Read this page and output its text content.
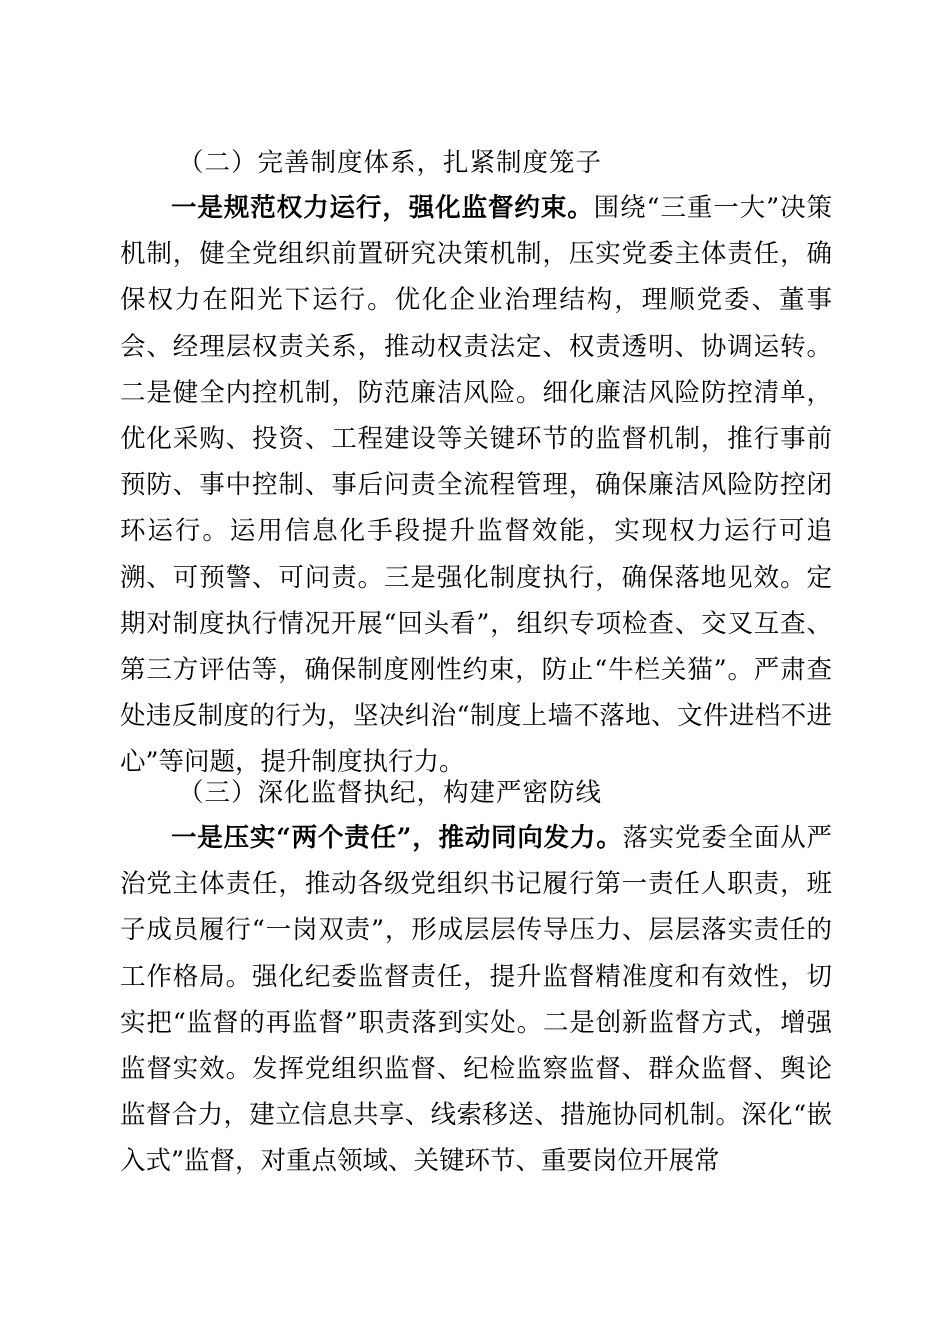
（二）完善制度体系，扎紧制度笼子
一是规范权力运行，强化监督约束。围绕“三重一大”决策机制，健全党组织前置研究决策机制，压实党委主体责任，确保权力在阳光下运行。优化企业治理结构，理顺党委、董事会、经理层权责关系，推动权责法定、权责透明、协调运转。二是健全内控机制，防范廉洁风险。细化廉洁风险防控清单，优化采购、投资、工程建设等关键环节的监督机制，推行事前预防、事中控制、事后问责全流程管理，确保廉洁风险防控闭环运行。运用信息化手段提升监督效能，实现权力运行可追溯、可预警、可问责。三是强化制度执行，确保落地见效。定期对制度执行情况开展“回头看”，组织专项检查、交叉互查、第三方评估等，确保制度刚性约束，防止“牛栏关猫”。严肃查处违反制度的行为，坚决纠治“制度上墙不落地、文件进档不进心”等问题，提升制度执行力。
（三）深化监督执纪，构建严密防线
一是压实“两个责任”，推动同向发力。落实党委全面从严治党主体责任，推动各级党组织书记履行第一责任人职责，班子成员履行“一岗双责”，形成层层传导压力、层层落实责任的工作格局。强化纪委监督责任，提升监督精准度和有效性，切实把“监督的再监督”职责落到实处。二是创新监督方式，增强监督实效。发挥党组织监督、纪检监察监督、群众监督、舆论监督合力，建立信息共享、线索移送、措施协同机制。深化“嵌入式”监督，对重点领域、关键环节、重要岗位开展常
